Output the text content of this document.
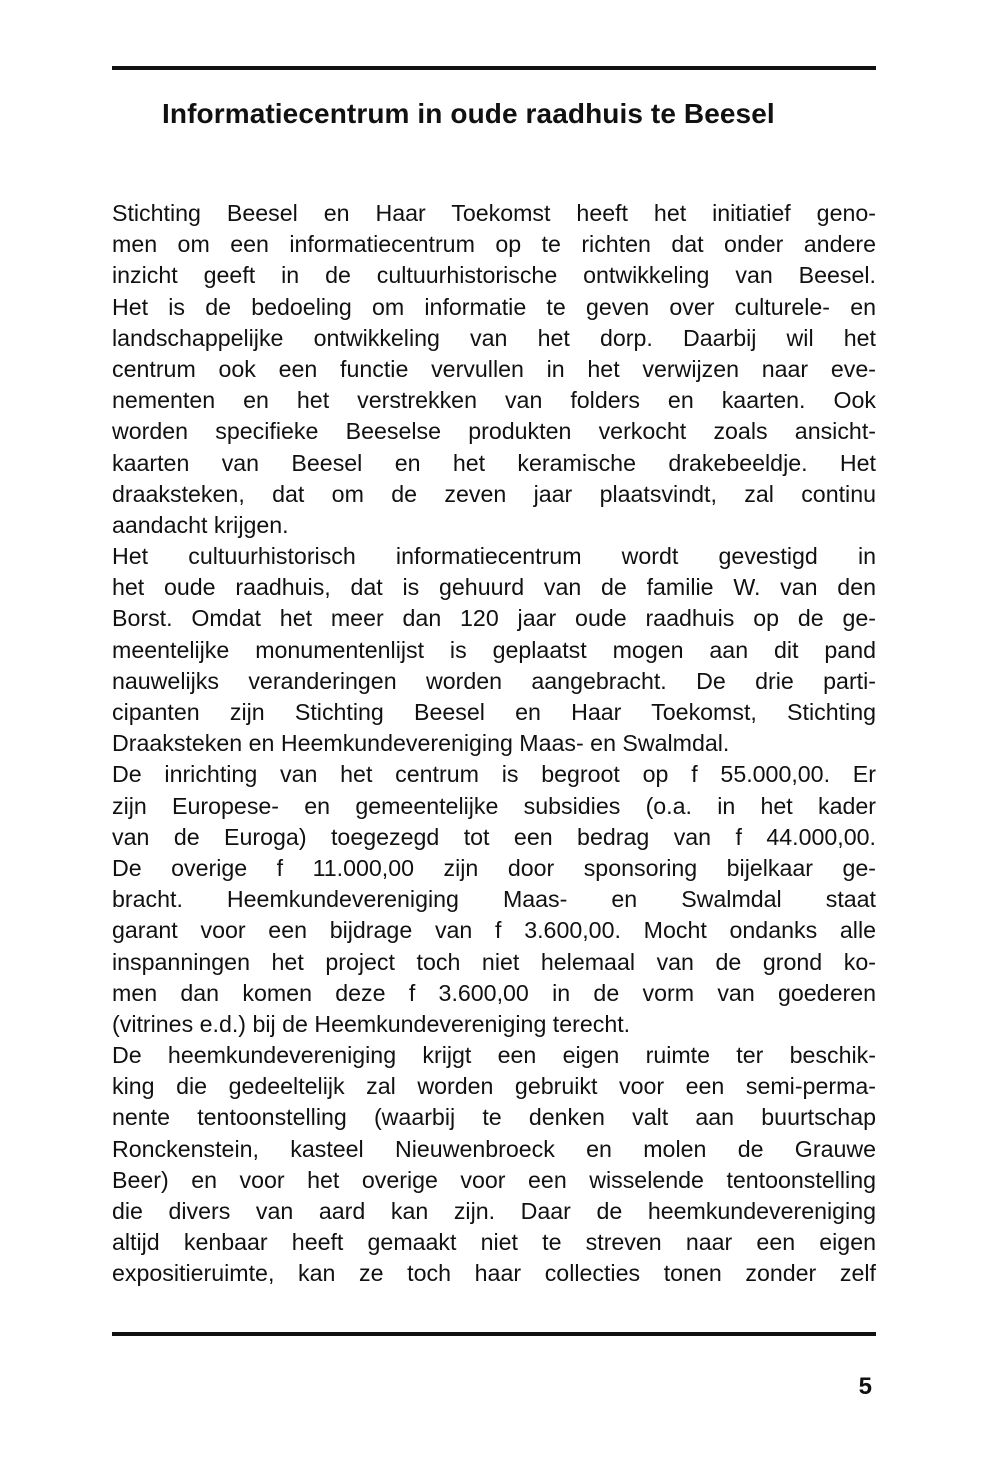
Informatiecentrum in oude raadhuis te Beesel
Stichting Beesel en Haar Toekomst heeft het initiatief geno-
men om een informatiecentrum op te richten dat onder andere
inzicht geeft in de cultuurhistorische ontwikkeling van Beesel.
Het is de bedoeling om informatie te geven over culturele- en
landschappelijke ontwikkeling van het dorp. Daarbij wil het
centrum ook een functie vervullen in het verwijzen naar eve-
nementen en het verstrekken van folders en kaarten. Ook
worden specifieke Beeselse produkten verkocht zoals ansicht-
kaarten van Beesel en het keramische drakebeeldje. Het
draaksteken, dat om de zeven jaar plaatsvindt, zal continu
aandacht krijgen.
Het cultuurhistorisch informatiecentrum wordt gevestigd in
het oude raadhuis, dat is gehuurd van de familie W. van den
Borst. Omdat het meer dan 120 jaar oude raadhuis op de ge-
meentelijke monumentenlijst is geplaatst mogen aan dit pand
nauwelijks veranderingen worden aangebracht. De drie parti-
cipanten zijn Stichting Beesel en Haar Toekomst, Stichting
Draaksteken en Heemkundevereniging Maas- en Swalmdal.
De inrichting van het centrum is begroot op f 55.000,00. Er
zijn Europese- en gemeentelijke subsidies (o.a. in het kader
van de Euroga) toegezegd tot een bedrag van f 44.000,00.
De overige f 11.000,00 zijn door sponsoring bijelkaar ge-
bracht. Heemkundevereniging Maas- en Swalmdal staat
garant voor een bijdrage van f 3.600,00. Mocht ondanks alle
inspanningen het project toch niet helemaal van de grond ko-
men dan komen deze f 3.600,00 in de vorm van goederen
(vitrines e.d.) bij de Heemkundevereniging terecht.
De heemkundevereniging krijgt een eigen ruimte ter beschik-
king die gedeeltelijk zal worden gebruikt voor een semi-perma-
nente tentoonstelling (waarbij te denken valt aan buurtschap
Ronckenstein, kasteel Nieuwenbroeck en molen de Grauwe
Beer) en voor het overige voor een wisselende tentoonstelling
die divers van aard kan zijn. Daar de heemkundevereniging
altijd kenbaar heeft gemaakt niet te streven naar een eigen
expositieruimte, kan ze toch haar collecties tonen zonder zelf
5
